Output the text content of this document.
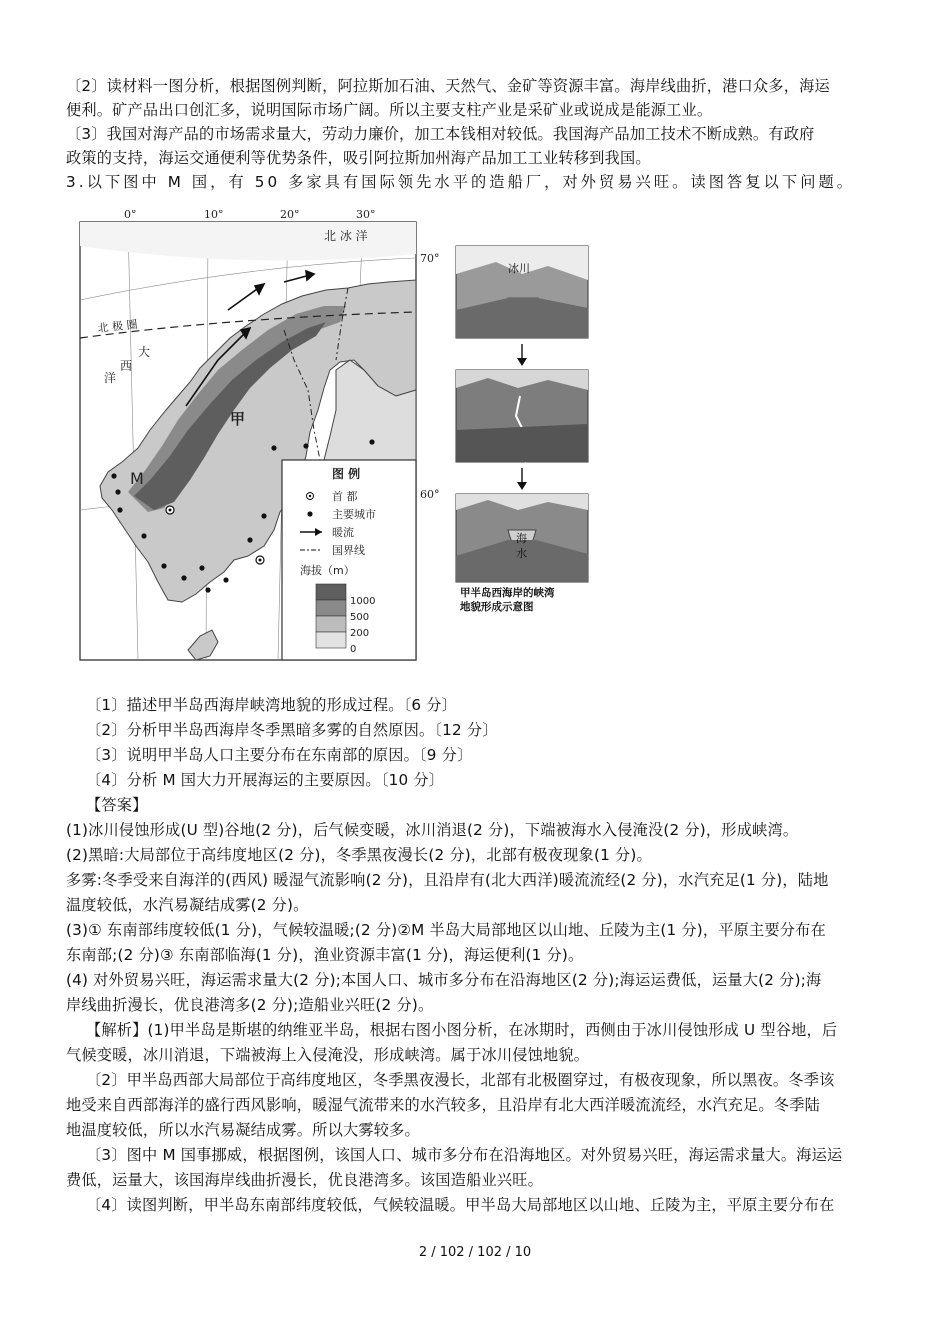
〔2〕读材料一图分析，根据图例判断，阿拉斯加石油、天然气、金矿等资源丰富。海岸线曲折，港口众多，海运
便利。矿产品出口创汇多，说明国际市场广阔。所以主要支柱产业是采矿业或说成是能源工业。
〔3〕我国对海产品的市场需求量大，劳动力廉价，加工本钱相对较低。我国海产品加工技术不断成熟。有政府
政策的支持，海运交通便利等优势条件，吸引阿拉斯加州海产品加工工业转移到我国。
3.以下图中 M 国，有 50 多家具有国际领先水平的造船厂，对外贸易兴旺。读图答复以下问题。
0°	10°	20°	30°
70°
60°
北 冰 洋
北 极 圈
大
西
洋
甲
M	图 例
首 都
主要城市
暖流
国界线
海拔（m）
1000
500
200
0
冰川
海
水
甲半岛西海岸的峡湾
地貌形成示意图
〔1〕描述甲半岛西海岸峡湾地貌的形成过程。〔6 分〕
〔2〕分析甲半岛西海岸冬季黑暗多雾的自然原因。〔12 分〕
〔3〕说明甲半岛人口主要分布在东南部的原因。〔9 分〕
〔4〕分析 M 国大力开展海运的主要原因。〔10 分〕
【答案】
(1)冰川侵蚀形成(U 型)谷地(2 分)，后气候变暖，冰川消退(2 分)，下端被海水入侵淹没(2 分)，形成峡湾。
(2)黑暗:大局部位于高纬度地区(2 分)，冬季黑夜漫长(2 分)，北部有极夜现象(1 分)。
多雾:冬季受来自海洋的(西风) 暖湿气流影响(2 分)，且沿岸有(北大西洋)暖流流经(2 分)，水汽充足(1 分)，陆地
温度较低，水汽易凝结成雾(2 分)。
(3)① 东南部纬度较低(1 分)，气候较温暖;(2 分)②M 半岛大局部地区以山地、丘陵为主(1 分)，平原主要分布在
东南部;(2 分)③ 东南部临海(1 分)，渔业资源丰富(1 分)，海运便利(1 分)。
(4) 对外贸易兴旺，海运需求量大(2 分);本国人口、城市多分布在沿海地区(2 分);海运运费低，运量大(2 分);海
岸线曲折漫长，优良港湾多(2 分);造船业兴旺(2 分)。
【解析】(1)甲半岛是斯堪的纳维亚半岛，根据右图小图分析，在冰期时，西侧由于冰川侵蚀形成 U 型谷地，后
气候变暖，冰川消退，下端被海上入侵淹没，形成峡湾。属于冰川侵蚀地貌。
〔2〕甲半岛西部大局部位于高纬度地区，冬季黑夜漫长，北部有北极圈穿过，有极夜现象，所以黑夜。冬季该
地受来自西部海洋的盛行西风影响，暖湿气流带来的水汽较多，且沿岸有北大西洋暖流流经，水汽充足。冬季陆
地温度较低，所以水汽易凝结成雾。所以大雾较多。
〔3〕图中 M 国事挪威，根据图例，该国人口、城市多分布在沿海地区。对外贸易兴旺，海运需求量大。海运运
费低，运量大，该国海岸线曲折漫长，优良港湾多。该国造船业兴旺。
〔4〕读图判断，甲半岛东南部纬度较低，气候较温暖。甲半岛大局部地区以山地、丘陵为主，平原主要分布在
2 / 102 / 102 / 10
